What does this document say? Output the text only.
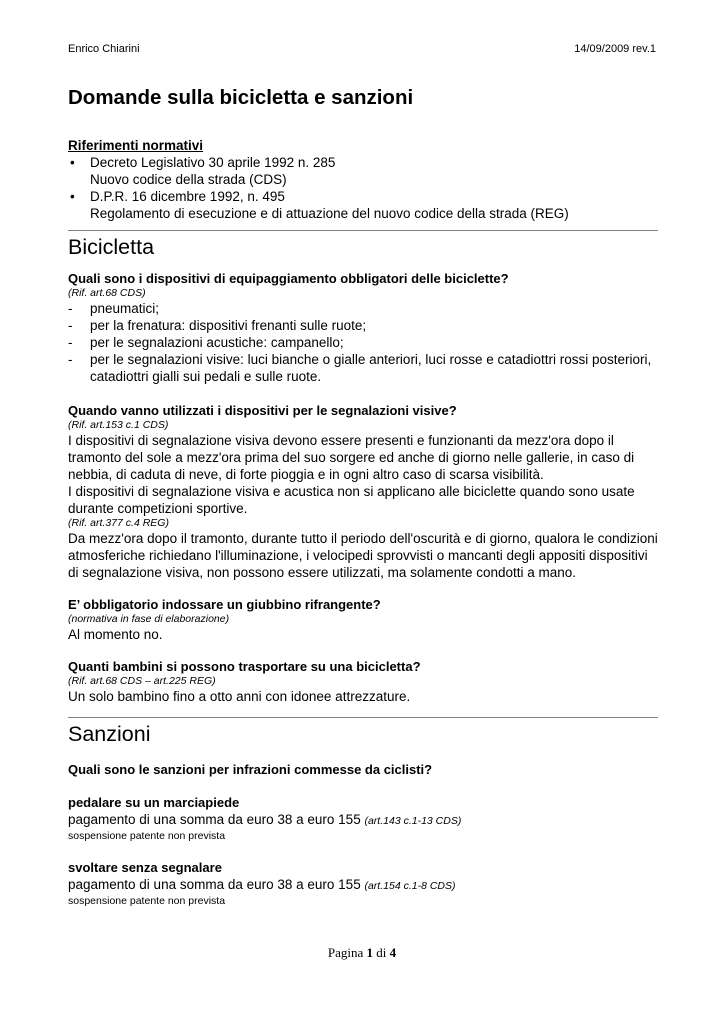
Enrico Chiarini	14/09/2009 rev.1
Domande sulla bicicletta e sanzioni
Riferimenti normativi
• Decreto Legislativo 30 aprile 1992 n. 285
Nuovo codice della strada (CDS)
• D.P.R. 16 dicembre 1992, n. 495
Regolamento di esecuzione e di attuazione del nuovo codice della strada (REG)
Bicicletta
Quali sono i dispositivi di equipaggiamento obbligatori delle biciclette?
(Rif. art.68 CDS)
- pneumatici;
- per la frenatura: dispositivi frenanti sulle ruote;
- per le segnalazioni acustiche: campanello;
- per le segnalazioni visive: luci bianche o gialle anteriori, luci rosse e catadiottri rossi posteriori, catadiottri gialli sui pedali e sulle ruote.
Quando vanno utilizzati i dispositivi per le segnalazioni visive?
(Rif. art.153 c.1 CDS)
I dispositivi di segnalazione visiva devono essere presenti e funzionanti da mezz'ora dopo il tramonto del sole a mezz'ora prima del suo sorgere ed anche di giorno nelle gallerie, in caso di nebbia, di caduta di neve, di forte pioggia e in ogni altro caso di scarsa visibilità.
I dispositivi di segnalazione visiva e acustica non si applicano alle biciclette quando sono usate durante competizioni sportive.
(Rif. art.377 c.4 REG)
Da mezz'ora dopo il tramonto, durante tutto il periodo dell'oscurità e di giorno, qualora le condizioni atmosferiche richiedano l'illuminazione, i velocipedi sprovvisti o mancanti degli appositi dispositivi di segnalazione visiva, non possono essere utilizzati, ma solamente condotti a mano.
E’ obbligatorio indossare un giubbino rifrangente?
(normativa in fase di elaborazione)
Al momento no.
Quanti bambini si possono trasportare su una bicicletta?
(Rif. art.68 CDS – art.225 REG)
Un solo bambino fino a otto anni con idonee attrezzature.
Sanzioni
Quali sono le sanzioni per infrazioni commesse da ciclisti?
pedalare su un marciapiede
pagamento di una somma da euro 38 a euro 155 (art.143 c.1-13 CDS)
sospensione patente non prevista
svoltare senza segnalare
pagamento di una somma da euro 38 a euro 155 (art.154 c.1-8 CDS)
sospensione patente non prevista
Pagina 1 di 4
